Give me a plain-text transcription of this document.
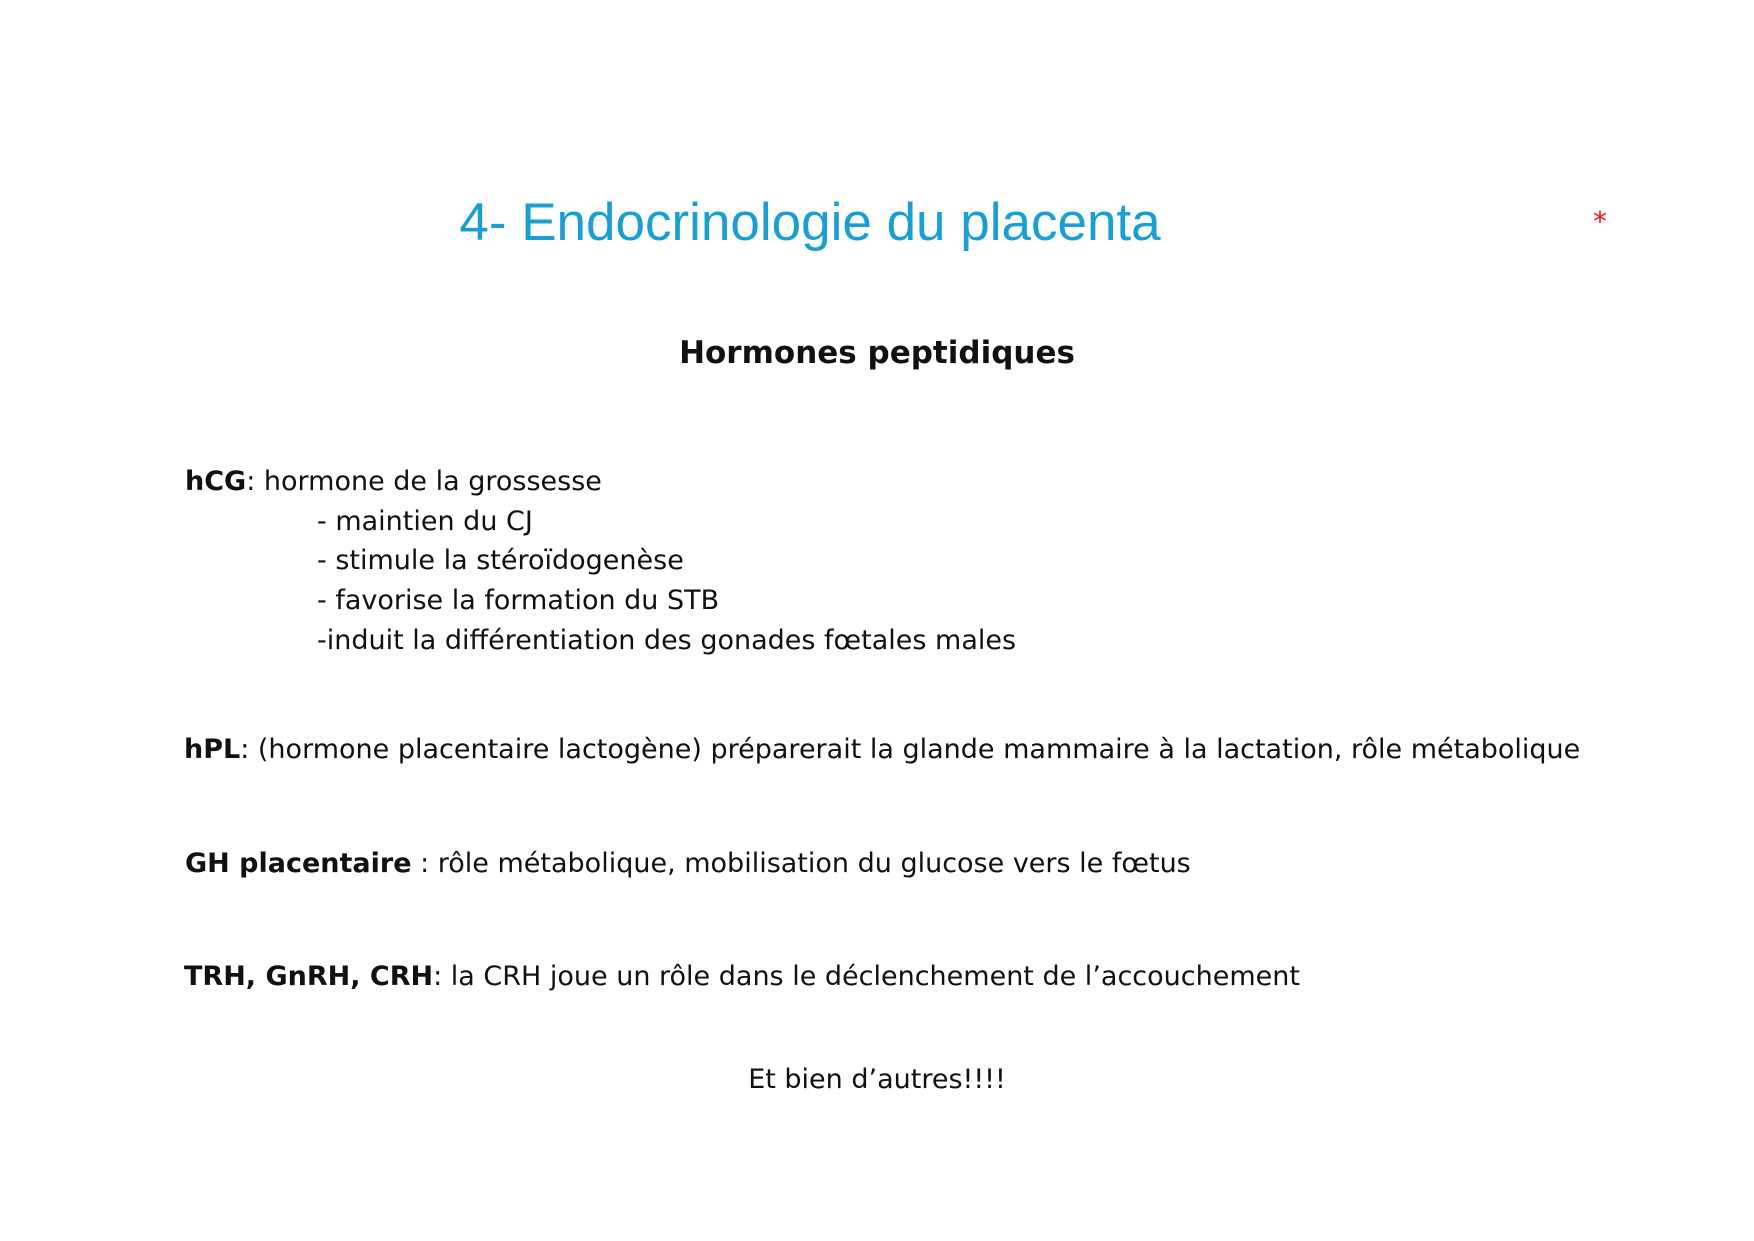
4- Endocrinologie du placenta	*
Hormones peptidiques
hCG: hormone de la grossesse
- maintien du CJ
- stimule la stéroïdogenèse
- favorise la formation du STB
-induit la différentiation des gonades fœtales males
hPL: (hormone placentaire lactogène) préparerait la glande mammaire à la lactation, rôle métabolique
GH placentaire : rôle métabolique, mobilisation du glucose vers le fœtus
TRH, GnRH, CRH: la CRH joue un rôle dans le déclenchement de l’accouchement
Et bien d’autres!!!!
